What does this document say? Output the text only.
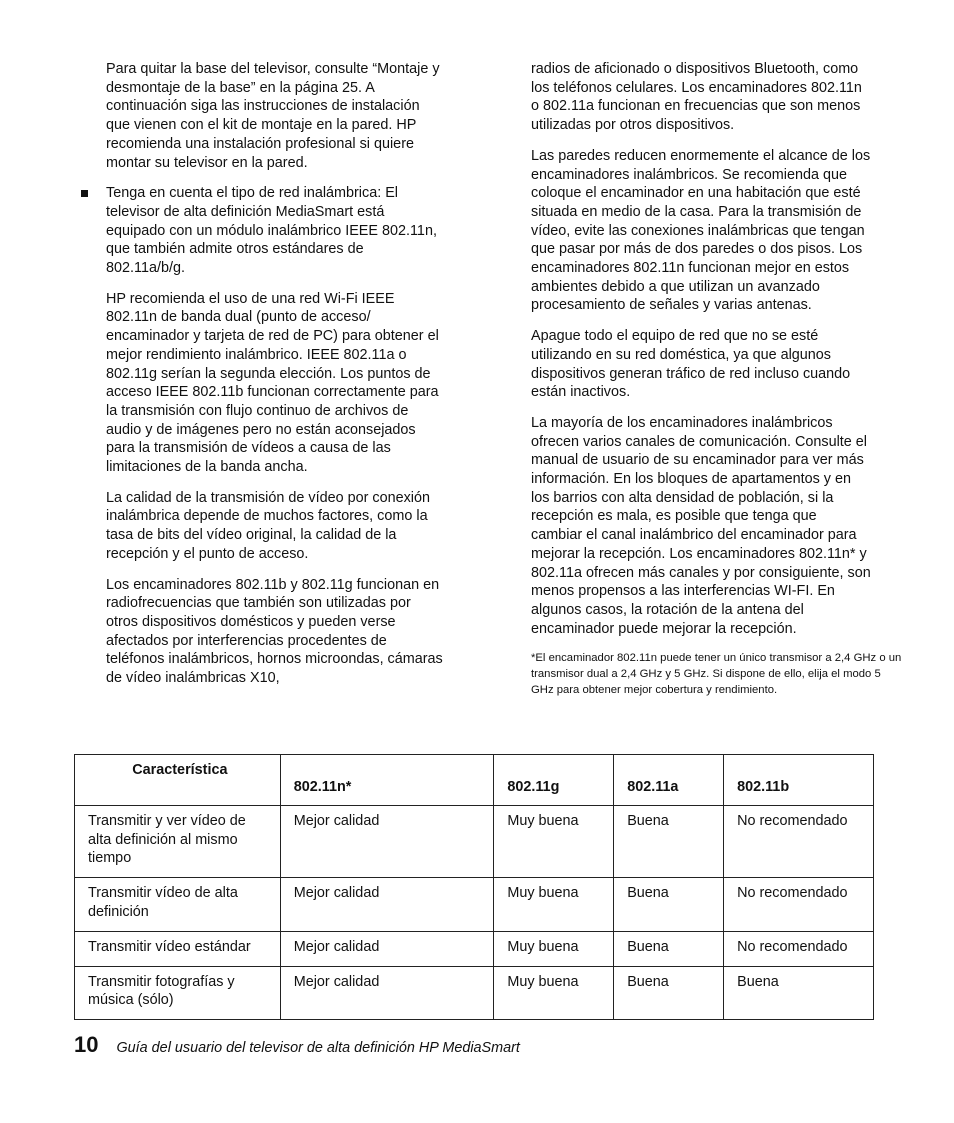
Para quitar la base del televisor, consulte “Montaje y desmontaje de la base” en la página 25. A continuación siga las instrucciones de instalación que vienen con el kit de montaje en la pared. HP recomienda una instalación profesional si quiere montar su televisor en la pared.

Tenga en cuenta el tipo de red inalámbrica: El televisor de alta definición MediaSmart está equipado con un módulo inalámbrico IEEE 802.11n, que también admite otros estándares de 802.11a/b/g.

HP recomienda el uso de una red Wi-Fi IEEE 802.11n de banda dual (punto de acceso/ encaminador y tarjeta de red de PC) para obtener el mejor rendimiento inalámbrico. IEEE 802.11a o 802.11g serían la segunda elección. Los puntos de acceso IEEE 802.11b funcionan correctamente para la transmisión con flujo continuo de archivos de audio y de imágenes pero no están aconsejados para la transmisión de vídeos a causa de las limitaciones de la banda ancha.

La calidad de la transmisión de vídeo por conexión inalámbrica depende de muchos factores, como la tasa de bits del vídeo original, la calidad de la recepción y el punto de acceso.

Los encaminadores 802.11b y 802.11g funcionan en radiofrecuencias que también son utilizadas por otros dispositivos domésticos y pueden verse afectados por interferencias procedentes de teléfonos inalámbricos, hornos microondas, cámaras de vídeo inalámbricas X10,

radios de aficionado o dispositivos Bluetooth, como los teléfonos celulares. Los encaminadores 802.11n o 802.11a funcionan en frecuencias que son menos utilizadas por otros dispositivos.

Las paredes reducen enormemente el alcance de los encaminadores inalámbricos. Se recomienda que coloque el encaminador en una habitación que esté situada en medio de la casa. Para la transmisión de vídeo, evite las conexiones inalámbricas que tengan que pasar por más de dos paredes o dos pisos. Los encaminadores 802.11n funcionan mejor en estos ambientes debido a que utilizan un avanzado procesamiento de señales y varias antenas.

Apague todo el equipo de red que no se esté utilizando en su red doméstica, ya que algunos dispositivos generan tráfico de red incluso cuando están inactivos.

La mayoría de los encaminadores inalámbricos ofrecen varios canales de comunicación. Consulte el manual de usuario de su encaminador para ver más información. En los bloques de apartamentos y en los barrios con alta densidad de población, si la recepción es mala, es posible que tenga que cambiar el canal inalámbrico del encaminador para mejorar la recepción. Los encaminadores 802.11n* y 802.11a ofrecen más canales y por consiguiente, son menos propensos a las interferencias WI-FI. En algunos casos, la rotación de la antena del encaminador puede mejorar la recepción.

*El encaminador 802.11n puede tener un único transmisor a 2,4 GHz o un transmisor dual a 2,4 GHz y 5 GHz. Si dispone de ello, elija el modo 5 GHz para obtener mejor cobertura y rendimiento.

Característica	802.11n*	802.11g	802.11a	802.11b
Transmitir y ver vídeo de alta definición al mismo tiempo	Mejor calidad	Muy buena	Buena	No recomendado
Transmitir vídeo de alta definición	Mejor calidad	Muy buena	Buena	No recomendado
Transmitir vídeo estándar	Mejor calidad	Muy buena	Buena	No recomendado
Transmitir fotografías y música (sólo)	Mejor calidad	Muy buena	Buena	Buena
10 Guía del usuario del televisor de alta definición HP MediaSmart
